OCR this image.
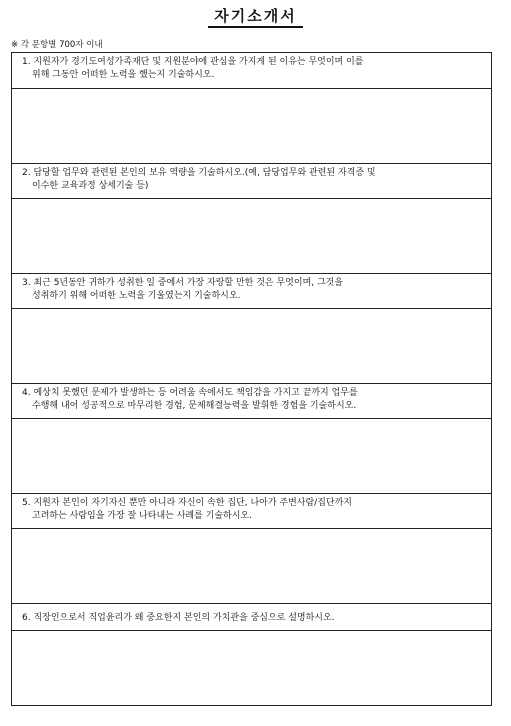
자기소개서
※ 각 문항별 700자 이내
1. 지원자가 경기도여성가족재단 및 지원분야에 관심을 가지게 된 이유는 무엇이며 이를
위해 그동안 어떠한 노력을 했는지 기술하시오.
2. 담당할 업무와 관련된 본인의 보유 역량을 기술하시오.(예, 담당업무와 관련된 자격증 및
이수한 교육과정 상세기술 등)
3. 최근 5년동안 귀하가 성취한 일 중에서 가장 자랑할 만한 것은 무엇이며, 그것을
성취하기 위해 어떠한 노력을 기울였는지 기술하시오.
4. 예상치 못했던 문제가 발생하는 등 어려움 속에서도 책임감을 가지고 끝까지 업무를
수행해 내어 성공적으로 마무리한 경험, 문제해결능력을 발휘한 경험을 기술하시오.
5. 지원자 본인이 자기자신 뿐만 아니라 자신이 속한 집단, 나아가 주변사람/집단까지
고려하는 사람임을 가장 잘 나타내는 사례를 기술하시오.
6. 직장인으로서 직업윤리가 왜 중요한지 본인의 가치관을 중심으로 설명하시오.
